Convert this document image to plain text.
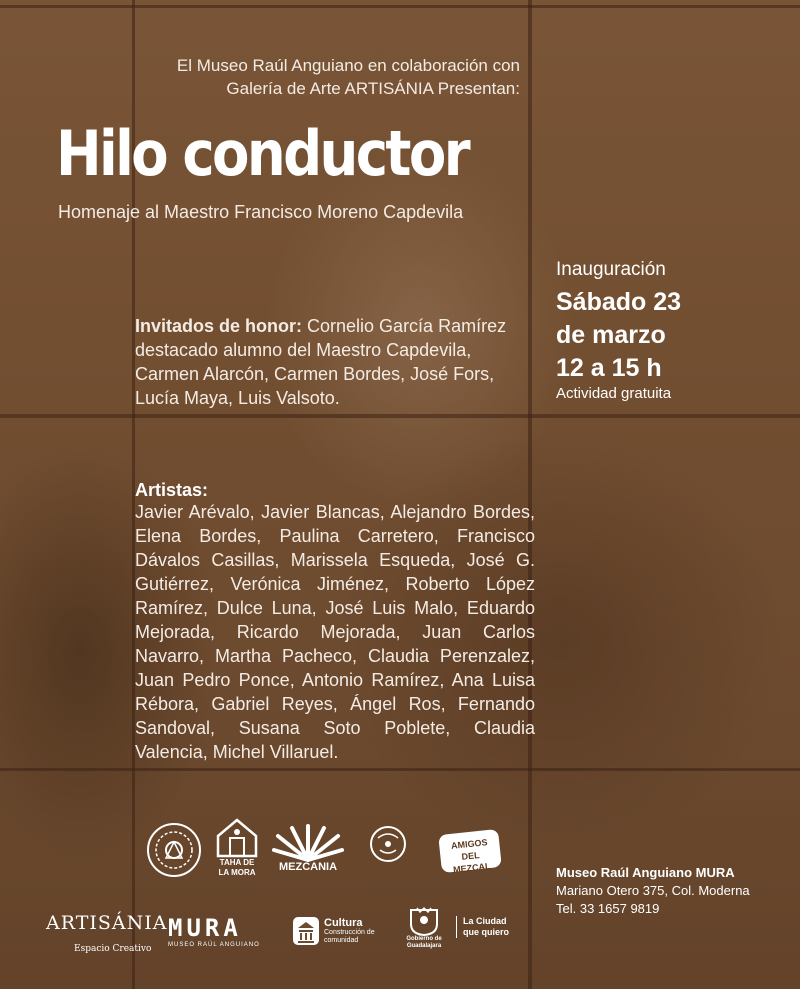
El Museo Raúl Anguiano en colaboración con
Galería de Arte ARTISÁNIA Presentan:
Hilo conductor
Homenaje al Maestro Francisco Moreno Capdevila
Invitados de honor: Cornelio García Ramírez destacado alumno del Maestro Capdevila, Carmen Alarcón, Carmen Bordes, José Fors, Lucía Maya, Luis Valsoto.
Artistas:
Javier Arévalo, Javier Blancas, Alejandro Bordes, Elena Bordes, Paulina Carretero, Francisco Dávalos Casillas, Marissela Esqueda, José G. Gutiérrez, Verónica Jiménez, Roberto López Ramírez, Dulce Luna, José Luis Malo, Eduardo Mejorada, Ricardo Mejorada, Juan Carlos Navarro, Martha Pacheco, Claudia Perenzalez, Juan Pedro Ponce, Antonio Ramírez, Ana Luisa Rébora, Gabriel Reyes, Ángel Ros, Fernando Sandoval, Susana Soto Poblete, Claudia Valencia, Michel Villaruel.
Inauguración
Sábado 23
de marzo
12 a 15 h
Actividad gratuita
Museo Raúl Anguiano MURA
Mariano Otero 375, Col. Moderna
Tel. 33 1657 9819
TAHA DE LA MORA	MEZCANIA
AMIGOS DEL MEZCAL
ARTISÁNIA
Espacio Creativo
MURA
MUSEO RAÚL ANGUIANO
Cultura
Construcción de comunidad	Gobierno de Guadalajara
La Ciudad que quiero
